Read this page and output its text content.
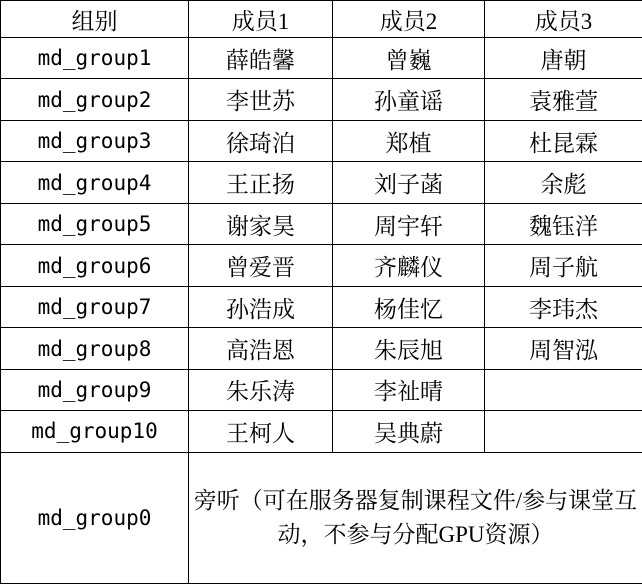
组别	成员1	成员2	成员3
md_group1	薛皓馨	曾巍	唐朝
md_group2	李世苏	孙童谣	袁雅萱
md_group3	徐琦泊	郑植	杜昆霖
md_group4	王正扬	刘子菡	余彪
md_group5	谢家昊	周宇轩	魏钰洋
md_group6	曾爱晋	齐麟仪	周子航
md_group7	孙浩成	杨佳忆	李玮杰
md_group8	高浩恩	朱辰旭	周智泓
md_group9	朱乐涛	李祉晴	
md_group10	王柯人	吴典蔚	
md_group0	旁听（可在服务器复制课程文件/参与课堂互动，不参与分配GPU资源）		
